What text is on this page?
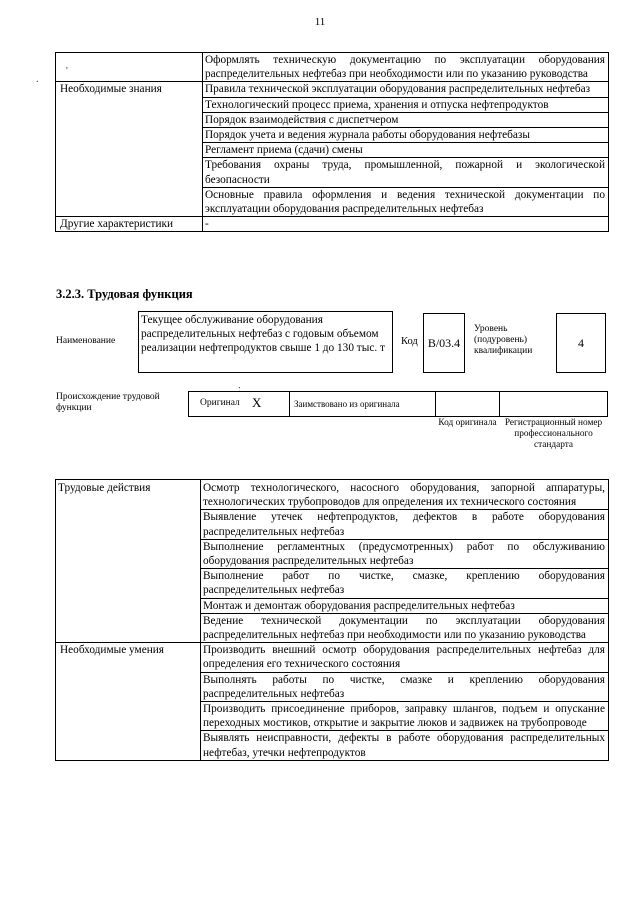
11
'
.
:
	Оформлять техническую документацию по эксплуатации оборудования распределительных нефтебаз при необходимости или по указанию руководства
Необходимые знания	Правила технической эксплуатации оборудования распределительных нефтебаз
	Технологический процесс приема, хранения и отпуска нефтепродуктов
	Порядок взаимодействия с диспетчером
	Порядок учета и ведения журнала работы оборудования нефтебазы
	Регламент приема (сдачи) смены
	Требования охраны труда, промышленной, пожарной и экологической безопасности
	Основные правила оформления и ведения технической документации по эксплуатации оборудования распределительных нефтебаз
Другие характеристики	-
3.2.3. Трудовая функция
Наименование
Текущее обслуживание оборудования распределительных нефтебаз с годовым объемом реализации нефтепродуктов свыше 1 до 130 тыс. т
Код B/03.4
Уровень (подуровень) квалификации
4
Происхождение трудовой функции	Оригинал X	Заимствовано из оригинала
Код оригинала Регистрационный номер профессионального стандарта
Трудовые действия	Осмотр технологического, насосного оборудования, запорной аппаратуры, технологических трубопроводов для определения их технического состояния
	Выявление утечек нефтепродуктов, дефектов в работе оборудования распределительных нефтебаз
	Выполнение регламентных (предусмотренных) работ по обслуживанию оборудования распределительных нефтебаз
	Выполнение работ по чистке, смазке, креплению оборудования распределительных нефтебаз
	Монтаж и демонтаж оборудования распределительных нефтебаз
	Ведение технической документации по эксплуатации оборудования распределительных нефтебаз при необходимости или по указанию руководства
Необходимые умения	Производить внешний осмотр оборудования распределительных нефтебаз для определения его технического состояния
	Выполнять работы по чистке, смазке и креплению оборудования распределительных нефтебаз
	Производить присоединение приборов, заправку шлангов, подъем и опускание переходных мостиков, открытие и закрытие люков и задвижек на трубопроводе
	Выявлять неисправности, дефекты в работе оборудования распределительных нефтебаз, утечки нефтепродуктов
